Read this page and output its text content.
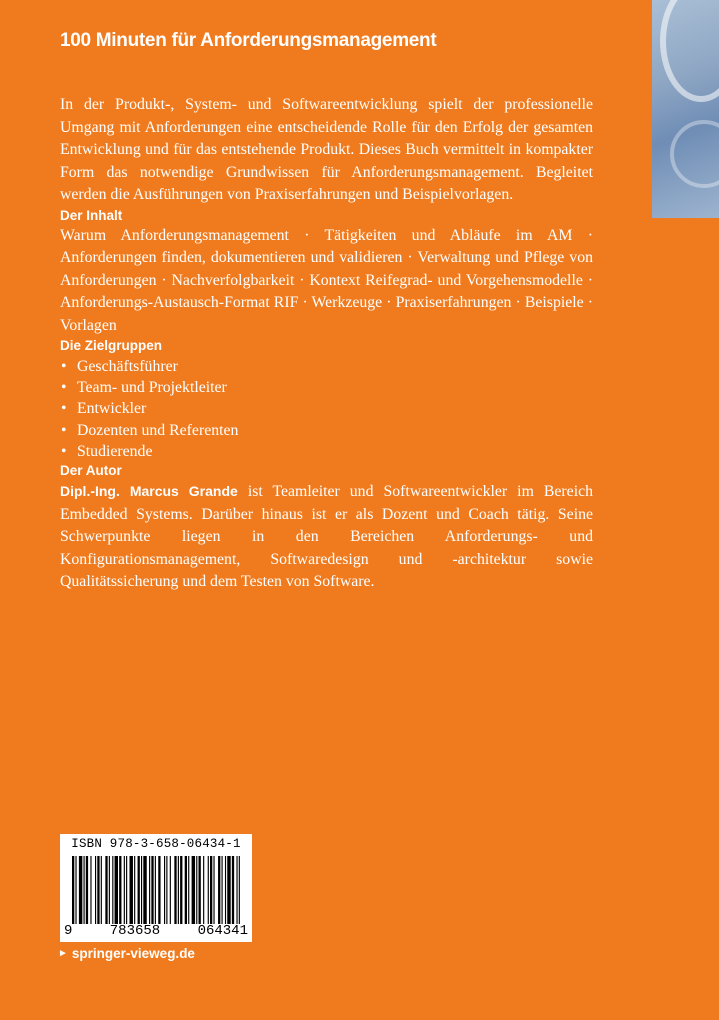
100 Minuten für Anforderungsmanagement

In der Produkt-, System- und Softwareentwicklung spielt der professionelle Umgang mit Anforderungen eine entscheidende Rolle für den Erfolg der gesamten Entwicklung und für das entstehende Produkt. Dieses Buch vermittelt in kompakter Form das notwendige Grundwissen für Anforderungsmanagement. Begleitet werden die Ausführungen von Praxiserfahrungen und Beispielvorlagen.

Der Inhalt

Warum Anforderungsmanagement · Tätigkeiten und Abläufe im AM · Anforderungen finden, dokumentieren und validieren · Verwaltung und Pflege von Anforderungen · Nachverfolgbarkeit · Kontext Reifegrad- und Vorgehensmodelle · Anforderungs-Austausch-Format RIF · Werkzeuge · Praxiserfahrungen · Beispiele · Vorlagen

Die Zielgruppen
• Geschäftsführer
• Team- und Projektleiter
• Entwickler
• Dozenten und Referenten
• Studierende
Der Autor

Dipl.-Ing. Marcus Grande ist Teamleiter und Softwareentwickler im Bereich Embedded Systems. Darüber hinaus ist er als Dozent und Coach tätig. Seine Schwerpunkte liegen in den Bereichen Anforderungs- und Konfigurationsmanagement, Softwaredesign und -architektur sowie Qualitätssicherung und dem Testen von Software.

ISBN 978-3-658-06434-1
9	783658	064341
► springer-vieweg.de
